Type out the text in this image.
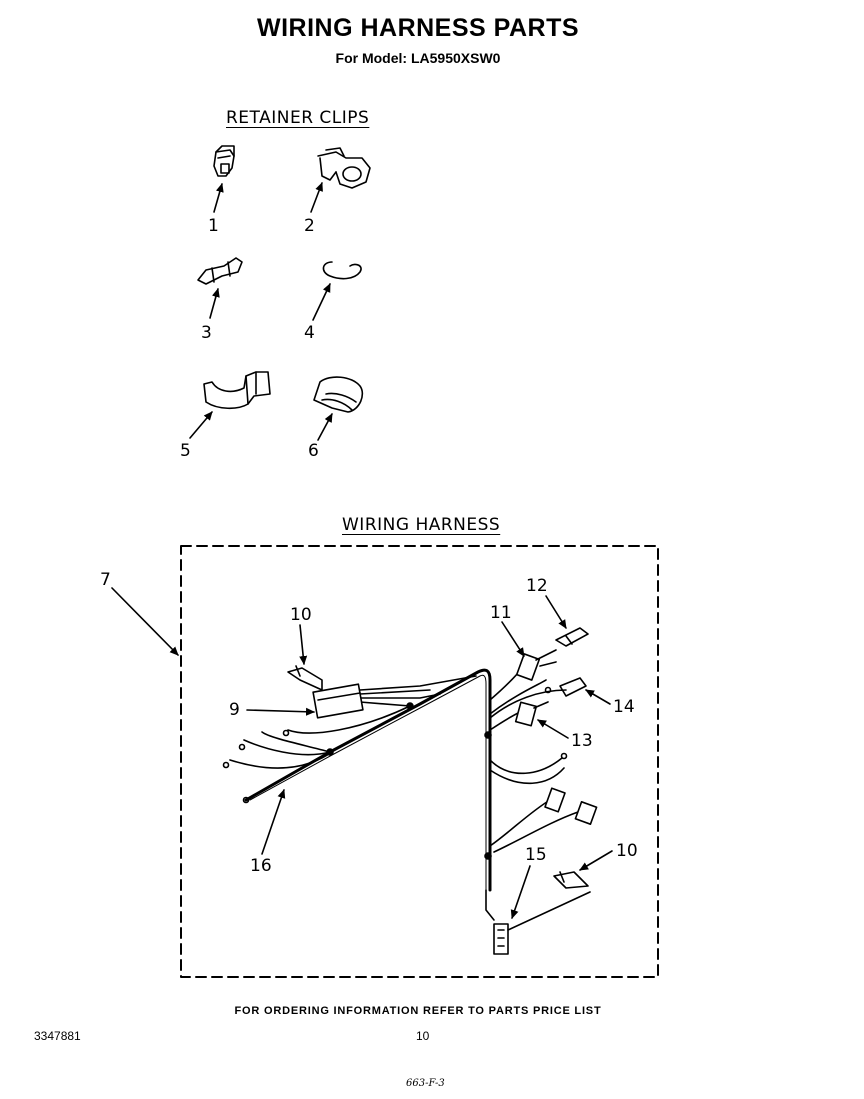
WIRING HARNESS PARTS
For Model: LA5950XSW0
RETAINER CLIPS
WIRING HARNESS
1	2
3	4
5	6
7
9
10
10
11
12
13
14
15
16
FOR ORDERING INFORMATION REFER TO PARTS PRICE LIST
3347881	10
663-F-3
